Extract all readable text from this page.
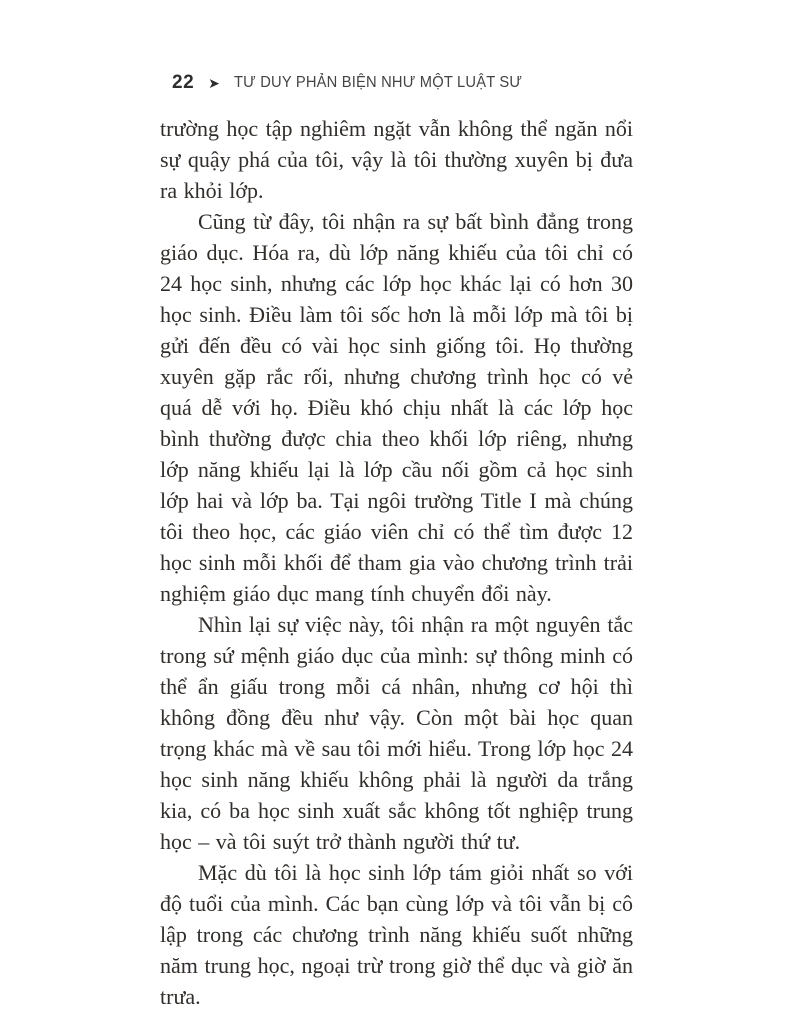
22 ➤ TƯ DUY PHẢN BIỆN NHƯ MỘT LUẬT SƯ

trường học tập nghiêm ngặt vẫn không thể ngăn nổi sự quậy phá của tôi, vậy là tôi thường xuyên bị đưa ra khỏi lớp.

Cũng từ đây, tôi nhận ra sự bất bình đẳng trong giáo dục. Hóa ra, dù lớp năng khiếu của tôi chỉ có 24 học sinh, nhưng các lớp học khác lại có hơn 30 học sinh. Điều làm tôi sốc hơn là mỗi lớp mà tôi bị gửi đến đều có vài học sinh giống tôi. Họ thường xuyên gặp rắc rối, nhưng chương trình học có vẻ quá dễ với họ. Điều khó chịu nhất là các lớp học bình thường được chia theo khối lớp riêng, nhưng lớp năng khiếu lại là lớp cầu nối gồm cả học sinh lớp hai và lớp ba. Tại ngôi trường Title I mà chúng tôi theo học, các giáo viên chỉ có thể tìm được 12 học sinh mỗi khối để tham gia vào chương trình trải nghiệm giáo dục mang tính chuyển đổi này.

Nhìn lại sự việc này, tôi nhận ra một nguyên tắc trong sứ mệnh giáo dục của mình: sự thông minh có thể ẩn giấu trong mỗi cá nhân, nhưng cơ hội thì không đồng đều như vậy. Còn một bài học quan trọng khác mà về sau tôi mới hiểu. Trong lớp học 24 học sinh năng khiếu không phải là người da trắng kia, có ba học sinh xuất sắc không tốt nghiệp trung học – và tôi suýt trở thành người thứ tư.

Mặc dù tôi là học sinh lớp tám giỏi nhất so với độ tuổi của mình. Các bạn cùng lớp và tôi vẫn bị cô lập trong các chương trình năng khiếu suốt những năm trung học, ngoại trừ trong giờ thể dục và giờ ăn trưa.
